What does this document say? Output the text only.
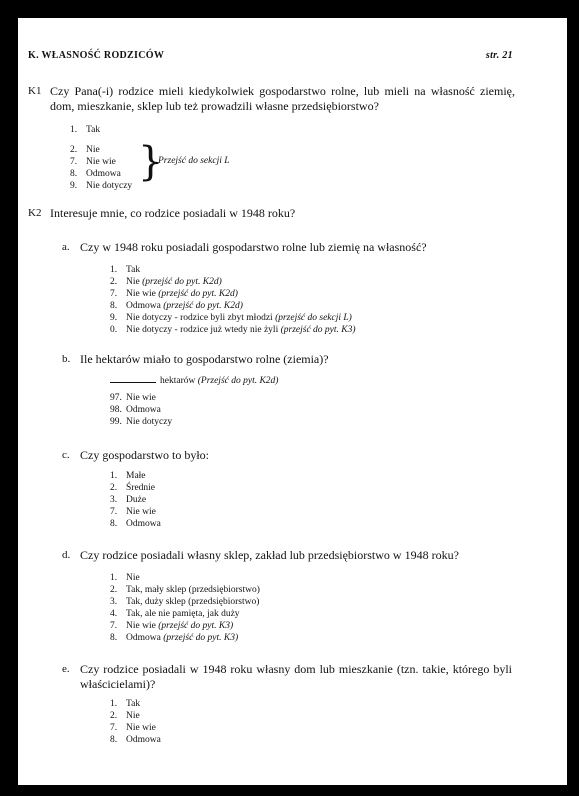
K. WŁASNOŚĆ RODZICÓW	str. 21
K1 Czy Pana(-i) rodzice mieli kiedykolwiek gospodarstwo rolne, lub mieli na własność ziemię, dom, mieszkanie, sklep lub też prowadzili własne przedsiębiorstwo?
1. Tak
2. Nie
7. Nie wie
8. Odmowa
9. Nie dotyczy
}
Przejść do sekcji L
K2 Interesuje mnie, co rodzice posiadali w 1948 roku?
a. Czy w 1948 roku posiadali gospodarstwo rolne lub ziemię na własność?
1. Tak
2. Nie (przejść do pyt. K2d)
7. Nie wie (przejść do pyt. K2d)
8. Odmowa (przejść do pyt. K2d)
9. Nie dotyczy - rodzice byli zbyt młodzi (przejść do sekcji L)
0. Nie dotyczy - rodzice już wtedy nie żyli (przejść do pyt. K3)
b. Ile hektarów miało to gospodarstwo rolne (ziemia)?
hektarów (Przejść do pyt. K2d)
97. Nie wie
98. Odmowa
99. Nie dotyczy
c. Czy gospodarstwo to było:
1. Małe
2. Średnie
3. Duże
7. Nie wie
8. Odmowa
d. Czy rodzice posiadali własny sklep, zakład lub przedsiębiorstwo w 1948 roku?
1. Nie
2. Tak, mały sklep (przedsiębiorstwo)
3. Tak, duży sklep (przedsiębiorstwo)
4. Tak, ale nie pamięta, jak duży
7. Nie wie (przejść do pyt. K3)
8. Odmowa (przejść do pyt. K3)
e. Czy rodzice posiadali w 1948 roku własny dom lub mieszkanie (tzn. takie, którego byli właścicielami)?
1. Tak
2. Nie
7. Nie wie
8. Odmowa
